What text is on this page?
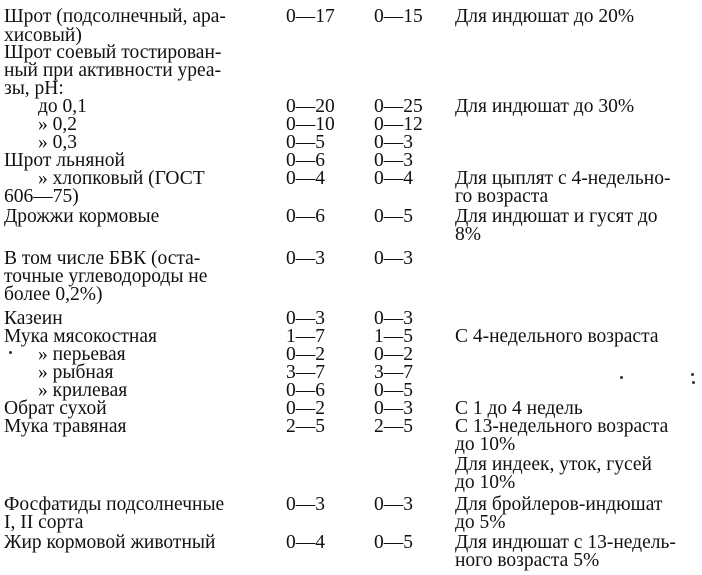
Шрот (подсолнечный, ара-
хисовый)
0—17 0—15 Для индюшат до 20%
Шрот соевый тостирован-
ный при активности уреа-
зы, рН:
до 0,1	0—20 0—25 Для индюшат до 30%
» 0,2	0—10 0—12
» 0,3	0—5	0—3
Шрот льняной	0—6	0—3
» хлопковый (ГОСТ
606—75)
0—4	0—4 Для цыплят с 4-недельно-
го возраста
Дрожжи кормовые	0—6	0—5 Для индюшат и гусят до
8%
В том числе БВК (оста-
точные углеводороды не
более 0,2%)
0—3	0—3
Казеин	0—3	0—3
Мука мясокостная	1—7	1—5 С 4-недельного возраста
» перьевая	0—2	0—2
» рыбная	3—7	3—7
» крилевая	0—6	0—5
Обрат сухой	0—2	0—3 С 1 до 4 недель
Мука травяная	2—5	2—5 С 13-недельного возраста
до 10%
Для индеек, уток, гусей
до 10%
Фосфатиды подсолнечные
I, II сорта
0—3	0—3 Для бройлеров-индюшат
до 5%
Жир кормовой животный	0—4	0—5 Для индюшат с 13-недель-
ного возраста 5%
